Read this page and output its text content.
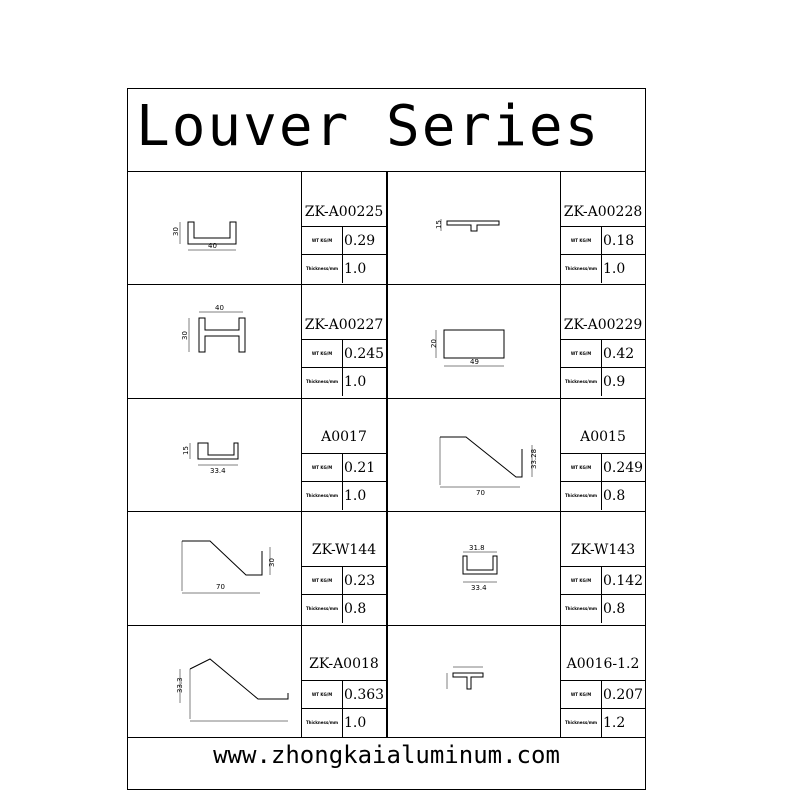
Louver Series
30
40
ZK-A00225
WT KG/M 0.29
Thickness/mm 1.0
15
ZK-A00228
WT KG/M 0.18
Thickness/mm 1.0
40
30
ZK-A00227
WT KG/M 0.245
Thickness/mm 1.0
20
49
ZK-A00229
WT KG/M 0.42
Thickness/mm 0.9
15
33.4
A0017
WT KG/M 0.21
Thickness/mm 1.0
33.28
70
A0015
WT KG/M 0.249
Thickness/mm 0.8
30
70
ZK-W144
WT KG/M 0.23
Thickness/mm 0.8
31.8
33.4
ZK-W143
WT KG/M 0.142
Thickness/mm 0.8
33.3
ZK-A0018
WT KG/M 0.363
Thickness/mm 1.0
A0016-1.2
WT KG/M 0.207
Thickness/mm 1.2
www.zhongkaialuminum.com
